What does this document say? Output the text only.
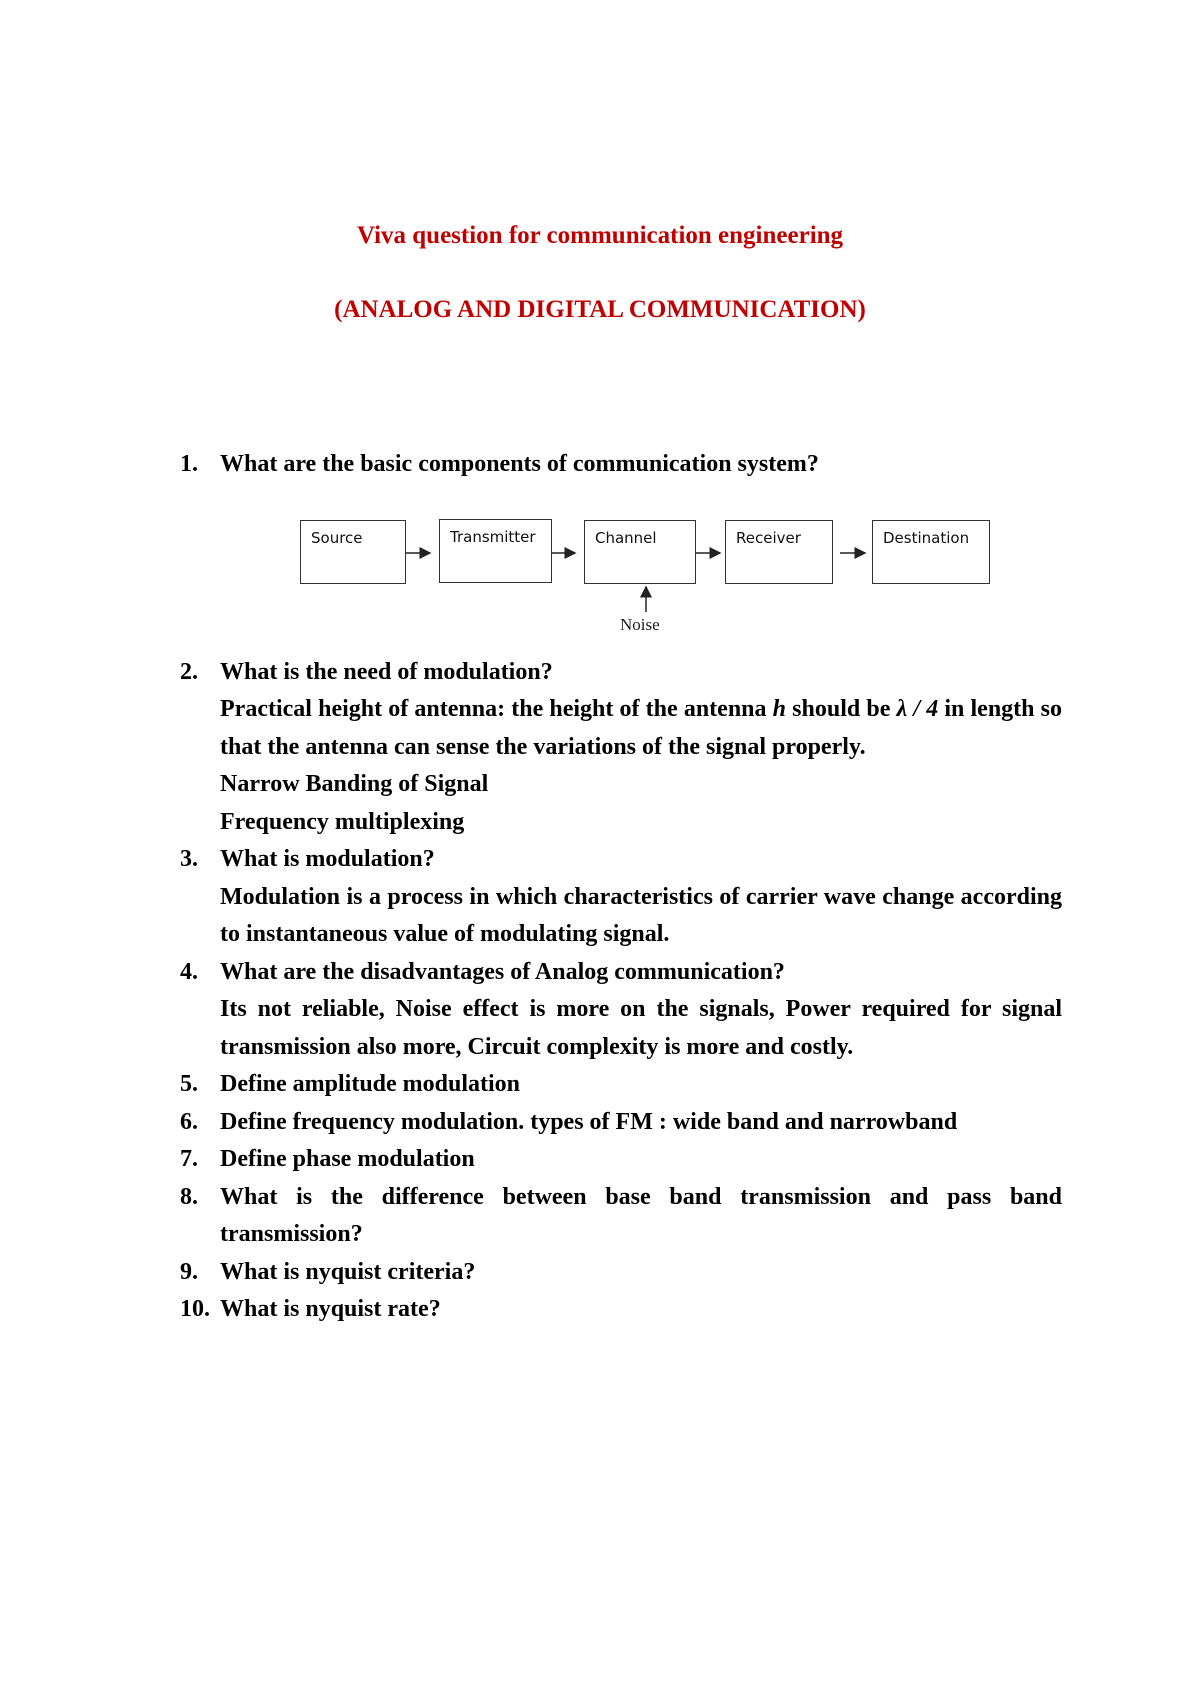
Viva question for communication engineering
(ANALOG AND DIGITAL COMMUNICATION)
1. What are the basic components of communication system?
2. What is the need of modulation?
Practical height of antenna: the height of the antenna h should be λ / 4 in length so that the antenna can sense the variations of the signal properly.
Narrow Banding of Signal
Frequency multiplexing
3. What is modulation?
Modulation is a process in which characteristics of carrier wave change according to instantaneous value of modulating signal.
4. What are the disadvantages of Analog communication?
Its not reliable, Noise effect is more on the signals, Power required for signal transmission also more, Circuit complexity is more and costly.
5. Define amplitude modulation
6. Define frequency modulation. types of FM : wide band and narrowband
7. Define phase modulation
8. What is the difference between base band transmission and pass band transmission?
9. What is nyquist criteria?
10. What is nyquist rate?
Source	Transmitter	Channel	Receiver	Destination
Noise
